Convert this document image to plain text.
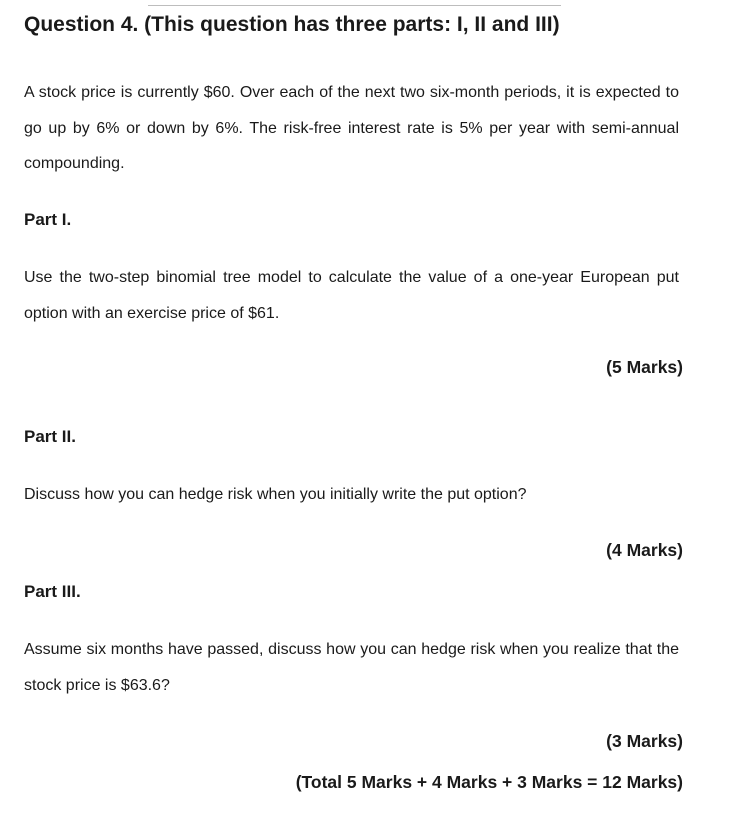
Question 4. (This question has three parts: I, II and III)
A stock price is currently $60. Over each of the next two six-month periods, it is expected to go up by 6% or down by 6%. The risk-free interest rate is 5% per year with semi-annual compounding.
Part I.
Use the two-step binomial tree model to calculate the value of a one-year European put option with an exercise price of $61.
(5 Marks)
Part II.
Discuss how you can hedge risk when you initially write the put option?
(4 Marks)
Part III.
Assume six months have passed, discuss how you can hedge risk when you realize that the stock price is $63.6?
(3 Marks)
(Total 5 Marks + 4 Marks + 3 Marks = 12 Marks)
